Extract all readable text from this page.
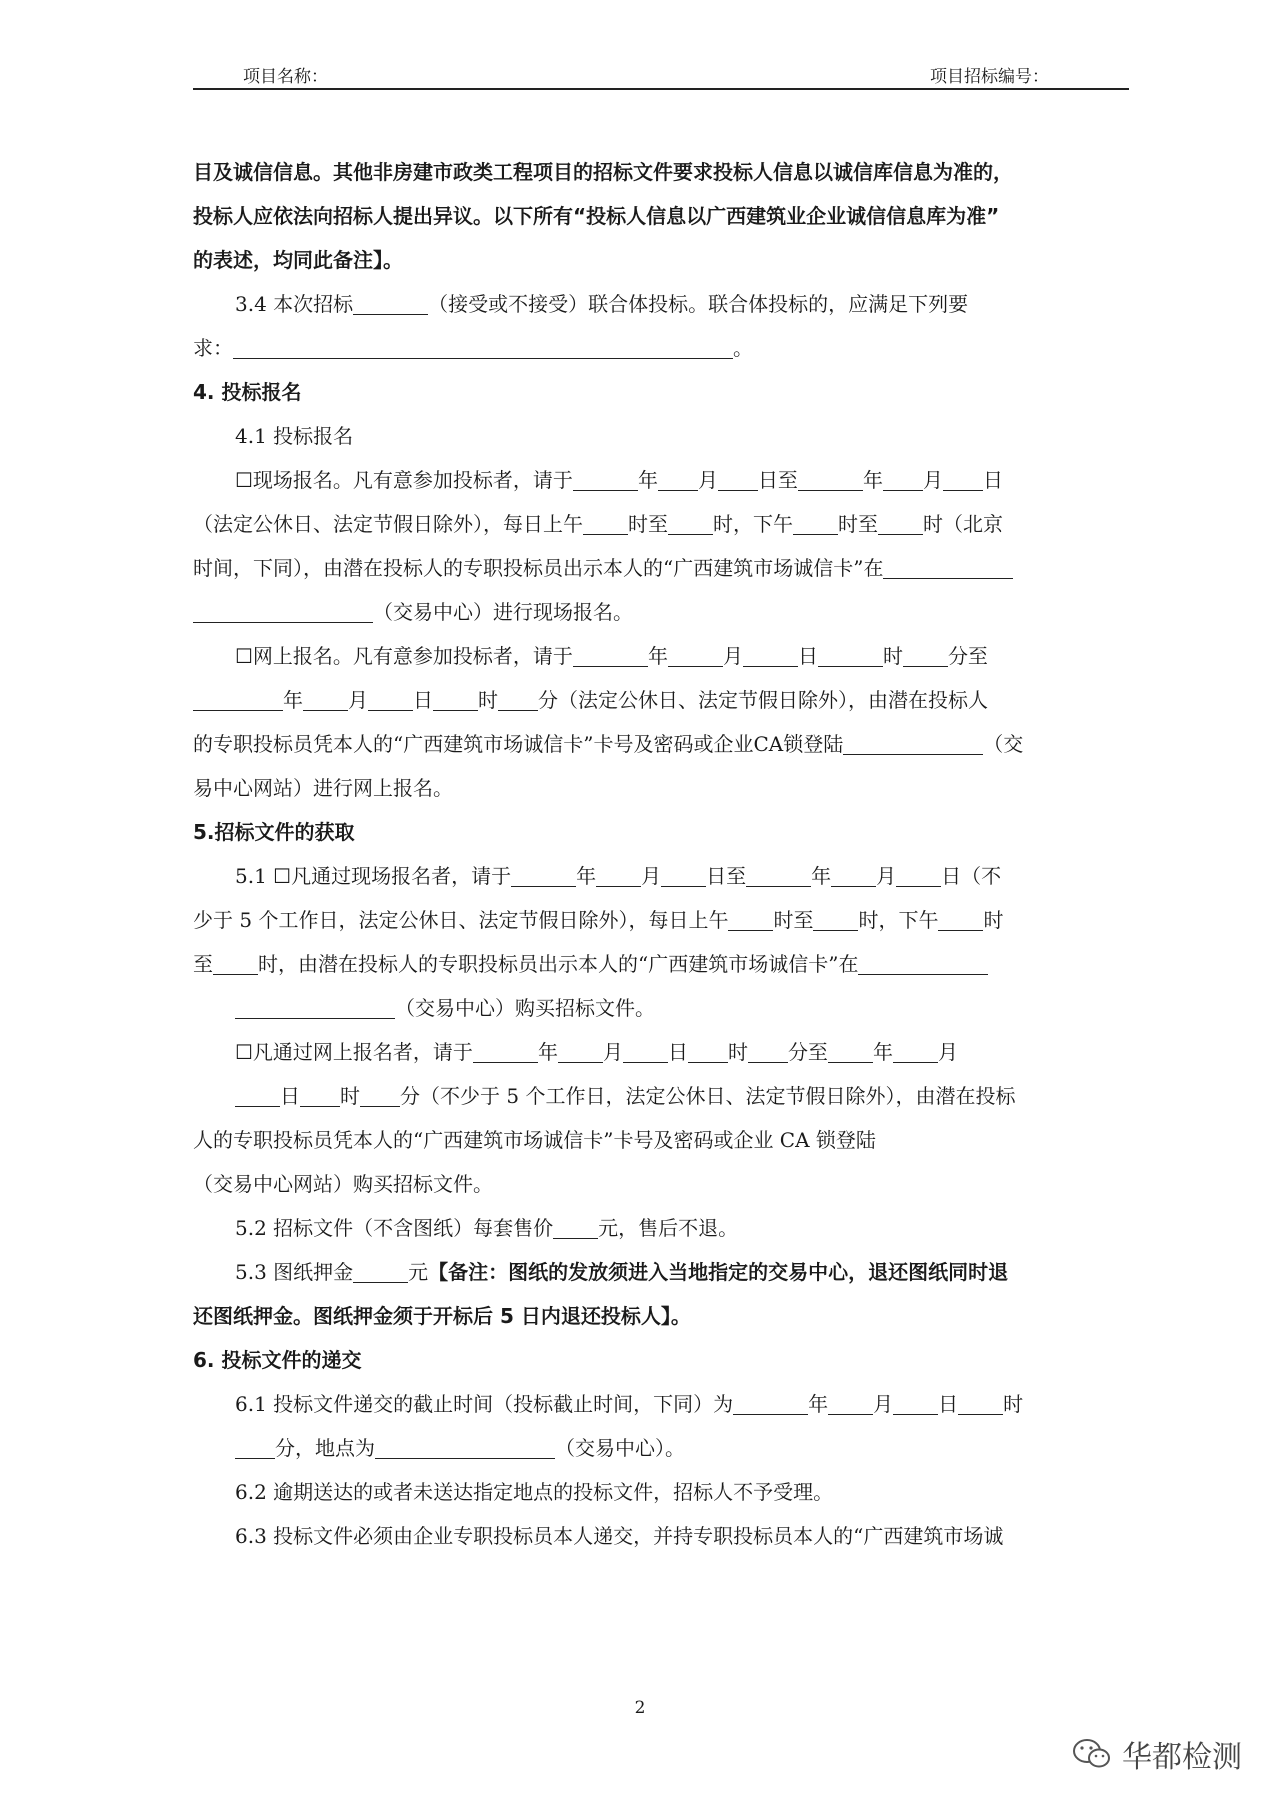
项目名称：	项目招标编号：
目及诚信信息。其他非房建市政类工程项目的招标文件要求投标人信息以诚信库信息为准的，
投标人应依法向招标人提出异议。以下所有“投标人信息以广西建筑业企业诚信信息库为准”
的表述，均同此备注】。
3.4 本次招标	（接受或不接受）联合体投标。联合体投标的，应满足下列要
求：	。
4. 投标报名
4.1 投标报名
☐现场报名。凡有意参加投标者，请于	年 月 日至	年 月 日
（法定公休日、法定节假日除外），每日上午 时至 时，下午 时至 时（北京
时间，下同），由潜在投标人的专职投标员出示本人的“广西建筑市场诚信卡”在
（交易中心）进行现场报名。
☐网上报名。凡有意参加投标者，请于	年	月	日	时 分至
年 月 日 时 分（法定公休日、法定节假日除外），由潜在投标人
的专职投标员凭本人的“广西建筑市场诚信卡”卡号及密码或企业CA锁登陆	（交
易中心网站）进行网上报名。
5.招标文件的获取
5.1 ☐凡通过现场报名者，请于	年 月 日至	年 月 日（不
少于 5 个工作日，法定公休日、法定节假日除外），每日上午 时至 时，下午 时
至 时，由潜在投标人的专职投标员出示本人的“广西建筑市场诚信卡”在
（交易中心）购买招标文件。
☐凡通过网上报名者，请于	年 月 日 时 分至 年 月
日 时 分（不少于 5 个工作日，法定公休日、法定节假日除外），由潜在投标
人的专职投标员凭本人的“广西建筑市场诚信卡”卡号及密码或企业 CA 锁登陆
（交易中心网站）购买招标文件。
5.2 招标文件（不含图纸）每套售价 元，售后不退。
5.3 图纸押金	元【备注：图纸的发放须进入当地指定的交易中心，退还图纸同时退
还图纸押金。图纸押金须于开标后 5 日内退还投标人】。
6. 投标文件的递交
6.1 投标文件递交的截止时间（投标截止时间，下同）为	年 月 日 时
分，地点为	（交易中心）。
6.2 逾期送达的或者未送达指定地点的投标文件，招标人不予受理。
6.3 投标文件必须由企业专职投标员本人递交，并持专职投标员本人的“广西建筑市场诚
2
华都检测
